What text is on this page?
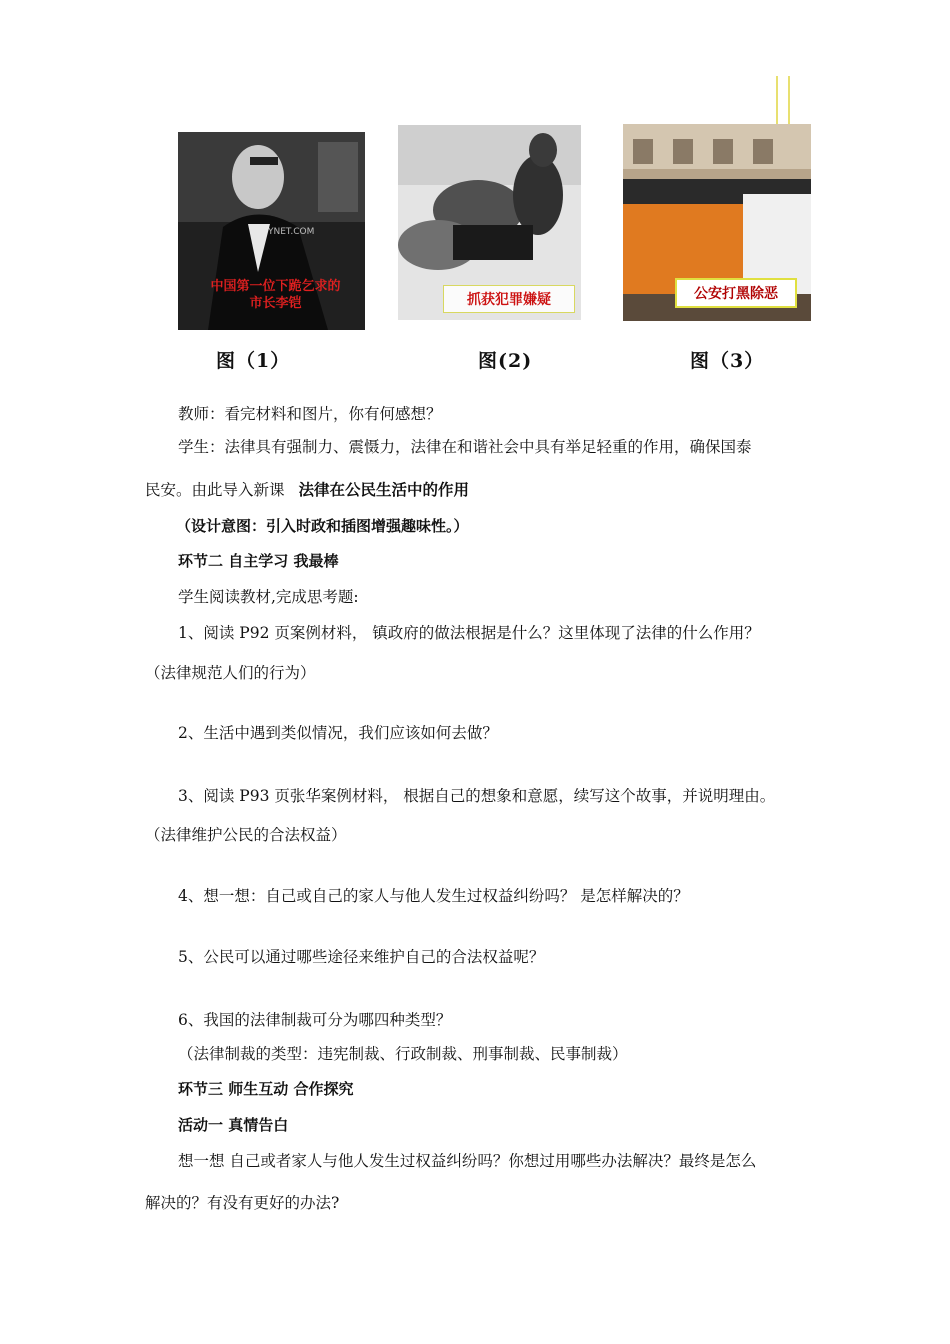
YNET.COM
中国第一位下跪乞求的市长李铠	抓获犯罪嫌疑	公安打黑除恶
图（1）	图(2)	图（3）
教师：看完材料和图片，你有何感想？
学生：法律具有强制力、震慑力，法律在和谐社会中具有举足轻重的作用，确保国泰
民安。由此导入新课 法律在公民生活中的作用
（设计意图：引入时政和插图增强趣味性。）
环节二 自主学习 我最棒
学生阅读教材,完成思考题:
1、阅读 P92 页案例材料， 镇政府的做法根据是什么？这里体现了法律的什么作用？
（法律规范人们的行为）
2、生活中遇到类似情况，我们应该如何去做？
3、阅读 P93 页张华案例材料， 根据自己的想象和意愿，续写这个故事，并说明理由。
（法律维护公民的合法权益）
4、想一想：自己或自己的家人与他人发生过权益纠纷吗？ 是怎样解决的？
5、公民可以通过哪些途径来维护自己的合法权益呢？
6、我国的法律制裁可分为哪四种类型？
（法律制裁的类型：违宪制裁、行政制裁、刑事制裁、民事制裁）
环节三 师生互动 合作探究
活动一 真情告白
想一想 自己或者家人与他人发生过权益纠纷吗？你想过用哪些办法解决？最终是怎么
解决的？有没有更好的办法?
